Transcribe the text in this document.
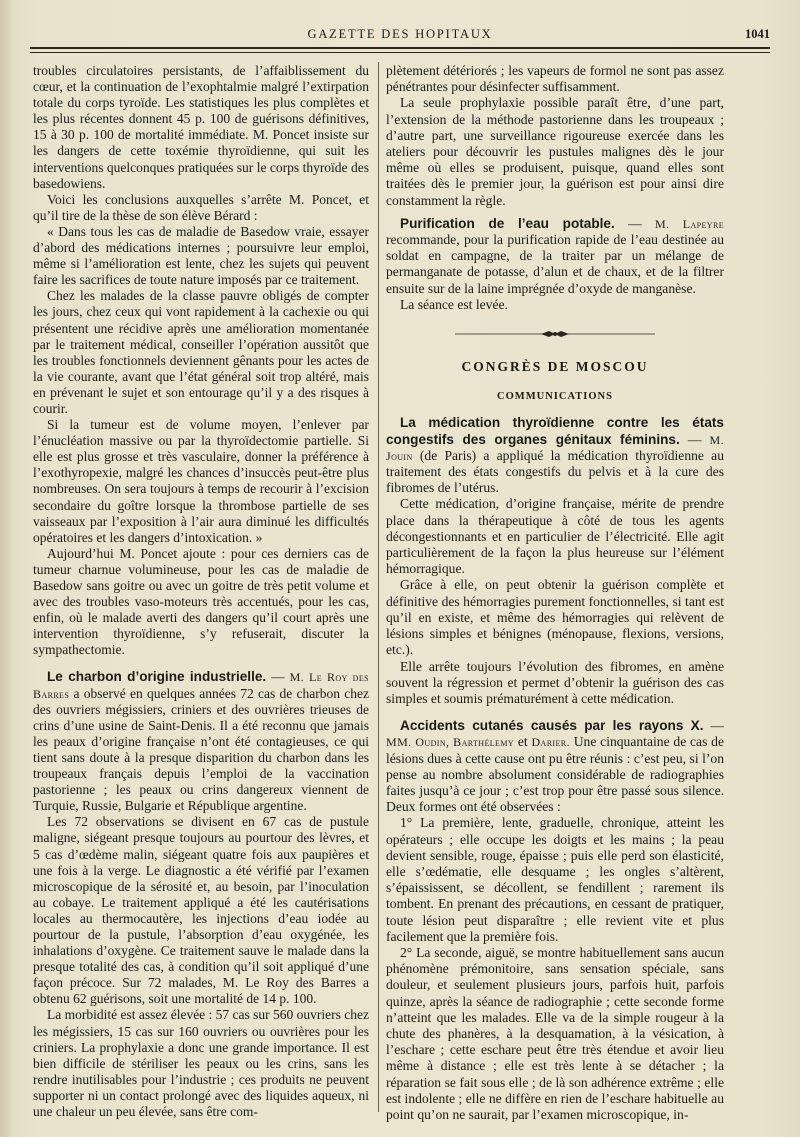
GAZETTE DES HOPITAUX	1041

troubles circulatoires persistants, de l’affaiblissement du cœur, et la continuation de l’exophtalmie malgré l’extirpation totale du corps tyroïde. Les statistiques les plus complètes et les plus récentes donnent 45 p. 100 de guérisons définitives, 15 à 30 p. 100 de mortalité immédiate. M. Poncet insiste sur les dangers de cette toxémie thyroïdienne, qui suit les interventions quelconques pratiquées sur le corps thyroïde des basedowiens.

Voici les conclusions auxquelles s’arrête M. Poncet, et qu’il tire de la thèse de son élève Bérard :

« Dans tous les cas de maladie de Basedow vraie, essayer d’abord des médications internes ; poursuivre leur emploi, même si l’amélioration est lente, chez les sujets qui peuvent faire les sacrifices de toute nature imposés par ce traitement.

Chez les malades de la classe pauvre obligés de compter les jours, chez ceux qui vont rapidement à la cachexie ou qui présentent une récidive après une amélioration momentanée par le traitement médical, conseiller l’opération aussitôt que les troubles fonctionnels deviennent gênants pour les actes de la vie courante, avant que l’état général soit trop altéré, mais en prévenant le sujet et son entourage qu’il y a des risques à courir.

Si la tumeur est de volume moyen, l’enlever par l’énucléation massive ou par la thyroïdectomie partielle. Si elle est plus grosse et très vasculaire, donner la préférence à l’exothyropexie, malgré les chances d’insuccès peut-être plus nombreuses. On sera toujours à temps de recourir à l’excision secondaire du goître lorsque la thrombose partielle de ses vaisseaux par l’exposition à l’air aura diminué les difficultés opératoires et les dangers d’intoxication. »

Aujourd’hui M. Poncet ajoute : pour ces derniers cas de tumeur charnue volumineuse, pour les cas de maladie de Basedow sans goitre ou avec un goitre de très petit volume et avec des troubles vaso-moteurs très accentués, pour les cas, enfin, où le malade averti des dangers qu’il court après une intervention thyroïdienne, s’y refuserait, discuter la sympathectomie.

Le charbon d’origine industrielle. — M. Le Roy des Barres a observé en quelques années 72 cas de charbon chez des ouvriers mégissiers, criniers et des ouvrières trieuses de crins d’une usine de Saint-Denis. Il a été reconnu que jamais les peaux d’origine française n’ont été contagieuses, ce qui tient sans doute à la presque disparition du charbon dans les troupeaux français depuis l’emploi de la vaccination pastorienne ; les peaux ou crins dangereux viennent de Turquie, Russie, Bulgarie et République argentine.

Les 72 observations se divisent en 67 cas de pustule maligne, siégeant presque toujours au pourtour des lèvres, et 5 cas d’œdème malin, siégeant quatre fois aux paupières et une fois à la verge. Le diagnostic a été vérifié par l’examen microscopique de la sérosité et, au besoin, par l’inoculation au cobaye. Le traitement appliqué a été les cautérisations locales au thermocautère, les injections d’eau iodée au pourtour de la pustule, l’absorption d’eau oxygénée, les inhalations d’oxygène. Ce traitement sauve le malade dans la presque totalité des cas, à condition qu’il soit appliqué d’une façon précoce. Sur 72 malades, M. Le Roy des Barres a obtenu 62 guérisons, soit une mortalité de 14 p. 100.

La morbidité est assez élevée : 57 cas sur 560 ouvriers chez les mégissiers, 15 cas sur 160 ouvriers ou ouvrières pour les criniers. La prophylaxie a donc une grande importance. Il est bien difficile de stériliser les peaux ou les crins, sans les rendre inutilisables pour l’industrie ; ces produits ne peuvent supporter ni un contact prolongé avec des liquides aqueux, ni une chaleur un peu élevée, sans être com-

plètement détériorés ; les vapeurs de formol ne sont pas assez pénétrantes pour désinfecter suffisamment.

La seule prophylaxie possible paraît être, d’une part, l’extension de la méthode pastorienne dans les troupeaux ; d’autre part, une surveillance rigoureuse exercée dans les ateliers pour découvrir les pustules malignes dès le jour même où elles se produisent, puisque, quand elles sont traitées dès le premier jour, la guérison est pour ainsi dire constamment la règle.

Purification de l’eau potable. — M. Lapeyre recommande, pour la purification rapide de l’eau destinée au soldat en campagne, de la traiter par un mélange de permanganate de potasse, d’alun et de chaux, et de la filtrer ensuite sur de la laine imprégnée d’oxyde de manganèse.

La séance est levée.

CONGRÈS DE MOSCOU
COMMUNICATIONS

La médication thyroïdienne contre les états congestifs des organes génitaux féminins. — M. Jouin (de Paris) a appliqué la médication thyroïdienne au traitement des états congestifs du pelvis et à la cure des fibromes de l’utérus.

Cette médication, d’origine française, mérite de prendre place dans la thérapeutique à côté de tous les agents décongestionnants et en particulier de l’électricité. Elle agit particulièrement de la façon la plus heureuse sur l’élément hémorragique.

Grâce à elle, on peut obtenir la guérison complète et définitive des hémorragies purement fonctionnelles, si tant est qu’il en existe, et même des hémorragies qui relèvent de lésions simples et bénignes (ménopause, flexions, versions, etc.).

Elle arrête toujours l’évolution des fibromes, en amène souvent la régression et permet d’obtenir la guérison des cas simples et soumis prématurément à cette médication.

Accidents cutanés causés par les rayons X. — MM. Oudin, Barthélemy et Darier. Une cinquantaine de cas de lésions dues à cette cause ont pu être réunis : c’est peu, si l’on pense au nombre absolument considérable de radiographies faites jusqu’à ce jour ; c’est trop pour être passé sous silence. Deux formes ont été observées :

1° La première, lente, graduelle, chronique, atteint les opérateurs ; elle occupe les doigts et les mains ; la peau devient sensible, rouge, épaisse ; puis elle perd son élasticité, elle s’œdématie, elle desquame ; les ongles s’altèrent, s’épaississent, se décollent, se fendillent ; rarement ils tombent. En prenant des précautions, en cessant de pratiquer, toute lésion peut disparaître ; elle revient vite et plus facilement que la première fois.

2° La seconde, aiguë, se montre habituellement sans aucun phénomène prémonitoire, sans sensation spéciale, sans douleur, et seulement plusieurs jours, parfois huit, parfois quinze, après la séance de radiographie ; cette seconde forme n’atteint que les malades. Elle va de la simple rougeur à la chute des phanères, à la desquamation, à la vésication, à l’eschare ; cette eschare peut être très étendue et avoir lieu même à distance ; elle est très lente à se détacher ; la réparation se fait sous elle ; de là son adhérence extrême ; elle est indolente ; elle ne diffère en rien de l’eschare habituelle au point qu’on ne saurait, par l’examen microscopique, in-
